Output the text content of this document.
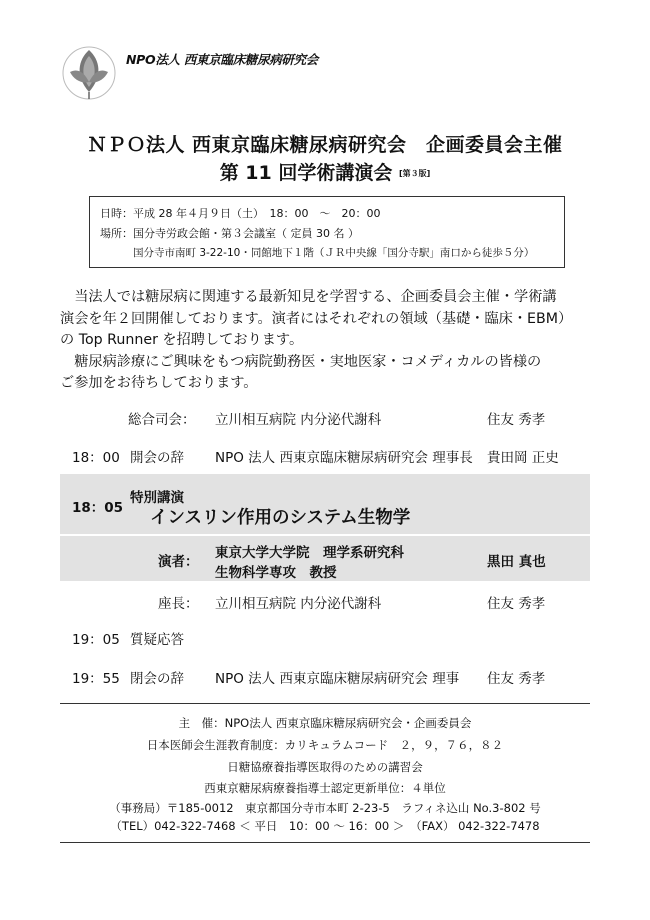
NPO法人 西東京臨床糖尿病研究会
ＮＰＯ法人 西東京臨床糖尿病研究会　企画委員会主催
第 11 回学術講演会 [第３版]
日時：平成 28 年４月９日（土）　18：00　～　20：00
場所：国分寺労政会館・第３会議室（ 定員 30 名 ）
国分寺市南町 3-22-10・同館地下１階（ＪＲ中央線「国分寺駅」南口から徒歩５分）

　当法人では糖尿病に関連する最新知見を学習する、企画委員会主催・学術講

演会を年２回開催しております。演者にはそれぞれの領域（基礎・臨床・EBM）

の Top Runner を招聘しております。

　糖尿病診療にご興味をもつ病院勤務医・実地医家・コメディカルの皆様の

ご参加をお待ちしております。

総合司会： 立川相互病院 内分泌代謝科	住友 秀孝
18：00 開会の辞 NPO 法人 西東京臨床糖尿病研究会 理事長 貴田岡 正史
18：05
特別講演
インスリン作用のシステム生物学
演者：
東京大学大学院　理学系研究科
生物科学専攻　教授
黒田 真也
座長： 立川相互病院 内分泌代謝科	住友 秀孝
19：05 質疑応答
19：55 閉会の辞 NPO 法人 西東京臨床糖尿病研究会 理事 住友 秀孝
主　催：NPO法人 西東京臨床糖尿病研究会・企画委員会
日本医師会生涯教育制度：カリキュラムコード　２，９，７６，８２
日糖協療養指導医取得のための講習会
西東京糖尿病療養指導士認定更新単位：４単位
（事務局）〒185-0012　東京都国分寺市本町 2-23-5　ラフィネ込山 No.3-802 号
（TEL）042-322-7468 ＜ 平日　10：00 ～ 16：00 ＞　（FAX） 042-322-7478
